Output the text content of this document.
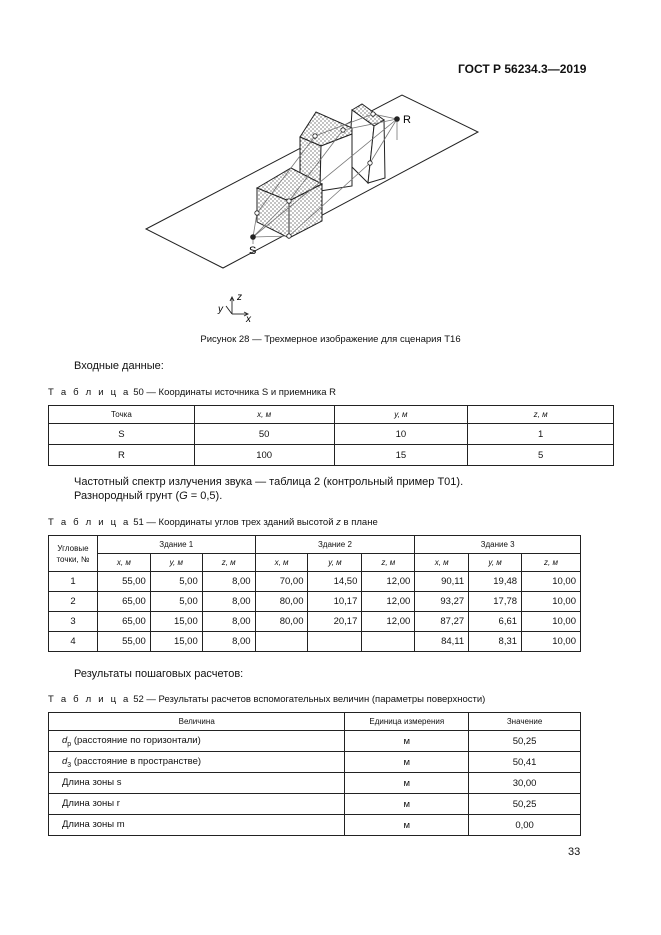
ГОСТ Р 56234.3—2019
S
R
z
y
x
Рисунок 28 — Трехмерное изображение для сценария Т16
Входные данные:
Т а б л и ц а 50 — Координаты источника S и приемника R
Точка	x, м	y, м	z, м
S	50	10	1
R	100	15	5
Частотный спектр излучения звука — таблица 2 (контрольный пример Т01).
Разнородный грунт (G = 0,5).
Т а б л и ц а 51 — Координаты углов трех зданий высотой z в плане
Угловые точки, №	Здание 1			Здание 2			Здание 3		
	x, м	y, м	z, м	x, м	y, м	z, м	x, м	y, м	z, м
1	55,00	5,00	8,00	70,00	14,50	12,00	90,11	19,48	10,00
2	65,00	5,00	8,00	80,00	10,17	12,00	93,27	17,78	10,00
3	65,00	15,00	8,00	80,00	20,17	12,00	87,27	6,61	10,00
4	55,00	15,00	8,00				84,11	8,31	10,00
Результаты пошаговых расчетов:
Т а б л и ц а 52 — Результаты расчетов вспомогательных величин (параметры поверхности)
Величина	Единица измерения	Значение
$d_p$ (расстояние по горизонтали)	м	50,25
$d_3$ (расстояние в пространстве)	м	50,41
Длина зоны s	м	30,00
Длина зоны r	м	50,25
Длина зоны m	м	0,00
33
